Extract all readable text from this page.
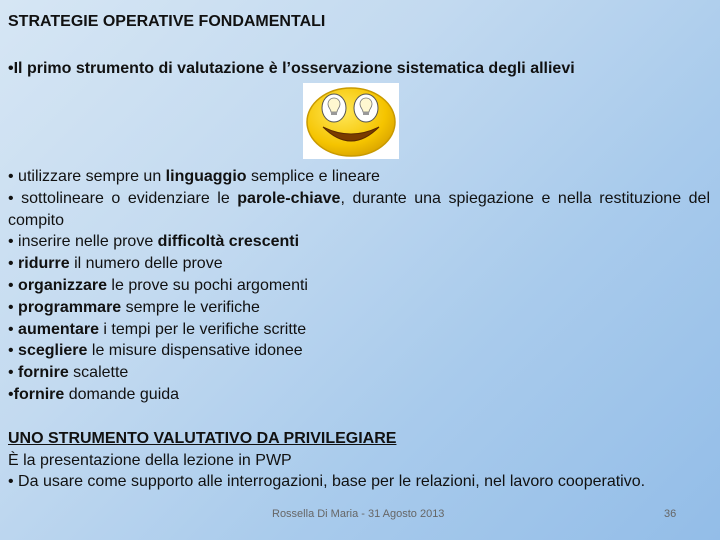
STRATEGIE OPERATIVE FONDAMENTALI
•Il primo strumento di valutazione è l’osservazione sistematica degli allievi
• utilizzare sempre un linguaggio semplice e lineare
• sottolineare o evidenziare le parole-chiave, durante una spiegazione e nella restituzione del compito
• inserire nelle prove difficoltà crescenti
• ridurre il numero delle prove
• organizzare le prove su pochi argomenti
• programmare sempre le verifiche
• aumentare i tempi per le verifiche scritte
• scegliere le misure dispensative idonee
• fornire scalette
•fornire domande guida
UNO STRUMENTO VALUTATIVO DA PRIVILEGIARE
È la presentazione della lezione in PWP
• Da usare come supporto alle interrogazioni, base per le relazioni, nel lavoro cooperativo.
Rossella Di Maria - 31 Agosto 2013	36
